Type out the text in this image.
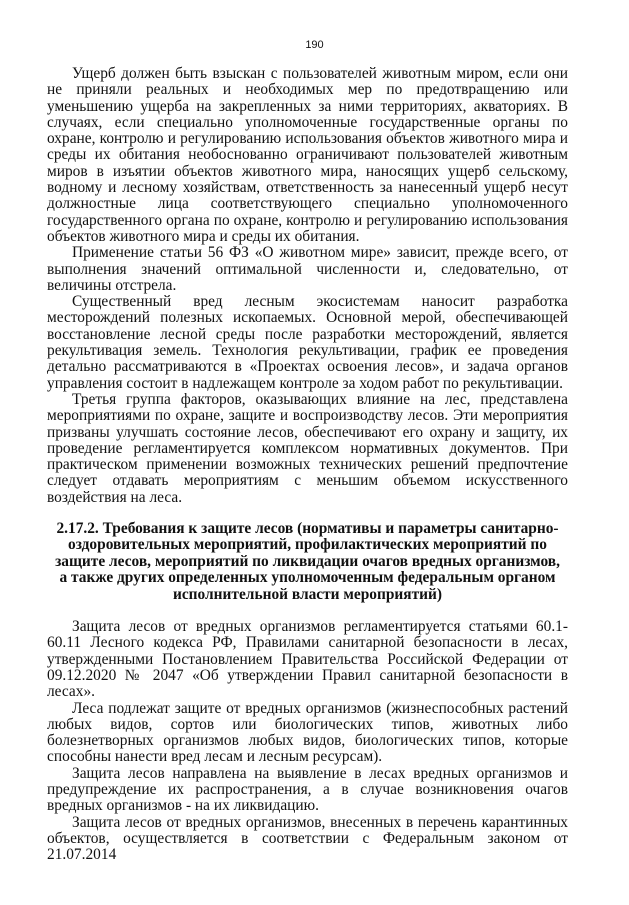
190

Ущерб должен быть взыскан с пользователей животным миром, если они не приняли реальных и необходимых мер по предотвращению или уменьшению ущерба на закрепленных за ними территориях, акваториях. В случаях, если специально уполномоченные государственные органы по охране, контролю и регулированию использования объектов животного мира и среды их обитания необоснованно ограничивают пользователей животным миров в изъятии объектов животного мира, наносящих ущерб сельскому, водному и лесному хозяйствам, ответственность за нанесенный ущерб несут должностные лица соответствующего специально уполномоченного государственного органа по охране, контролю и регулированию использования объектов животного мира и среды их обитания.

Применение статьи 56 ФЗ «О животном мире» зависит, прежде всего, от выполнения значений оптимальной численности и, следовательно, от величины отстрела.

Существенный вред лесным экосистемам наносит разработка месторождений полезных ископаемых. Основной мерой, обеспечивающей восстановление лесной среды после разработки месторождений, является рекультивация земель. Технология рекультивации, график ее проведения детально рассматриваются в «Проектах освоения лесов», и задача органов управления состоит в надлежащем контроле за ходом работ по рекультивации.

Третья группа факторов, оказывающих влияние на лес, представлена мероприятиями по охране, защите и воспроизводству лесов. Эти мероприятия призваны улучшать состояние лесов, обеспечивают его охрану и защиту, их проведение регламентируется комплексом нормативных документов. При практическом применении возможных технических решений предпочтение следует отдавать мероприятиям с меньшим объемом искусственного воздействия на леса.

2.17.2. Требования к защите лесов (нормативы и параметры санитарно-оздоровительных мероприятий, профилактических мероприятий по защите лесов, мероприятий по ликвидации очагов вредных организмов, а также других определенных уполномоченным федеральным органом исполнительной власти мероприятий)

Защита лесов от вредных организмов регламентируется статьями 60.1-60.11 Лесного кодекса РФ, Правилами санитарной безопасности в лесах, утвержденными Постановлением Правительства Российской Федерации от 09.12.2020 № 2047 «Об утверждении Правил санитарной безопасности в лесах».

Леса подлежат защите от вредных организмов (жизнеспособных растений любых видов, сортов или биологических типов, животных либо болезнетворных организмов любых видов, биологических типов, которые способны нанести вред лесам и лесным ресурсам).

Защита лесов направлена на выявление в лесах вредных организмов и предупреждение их распространения, а в случае возникновения очагов вредных организмов - на их ликвидацию.

Защита лесов от вредных организмов, внесенных в перечень карантинных объектов, осуществляется в соответствии с Федеральным законом от 21.07.2014
